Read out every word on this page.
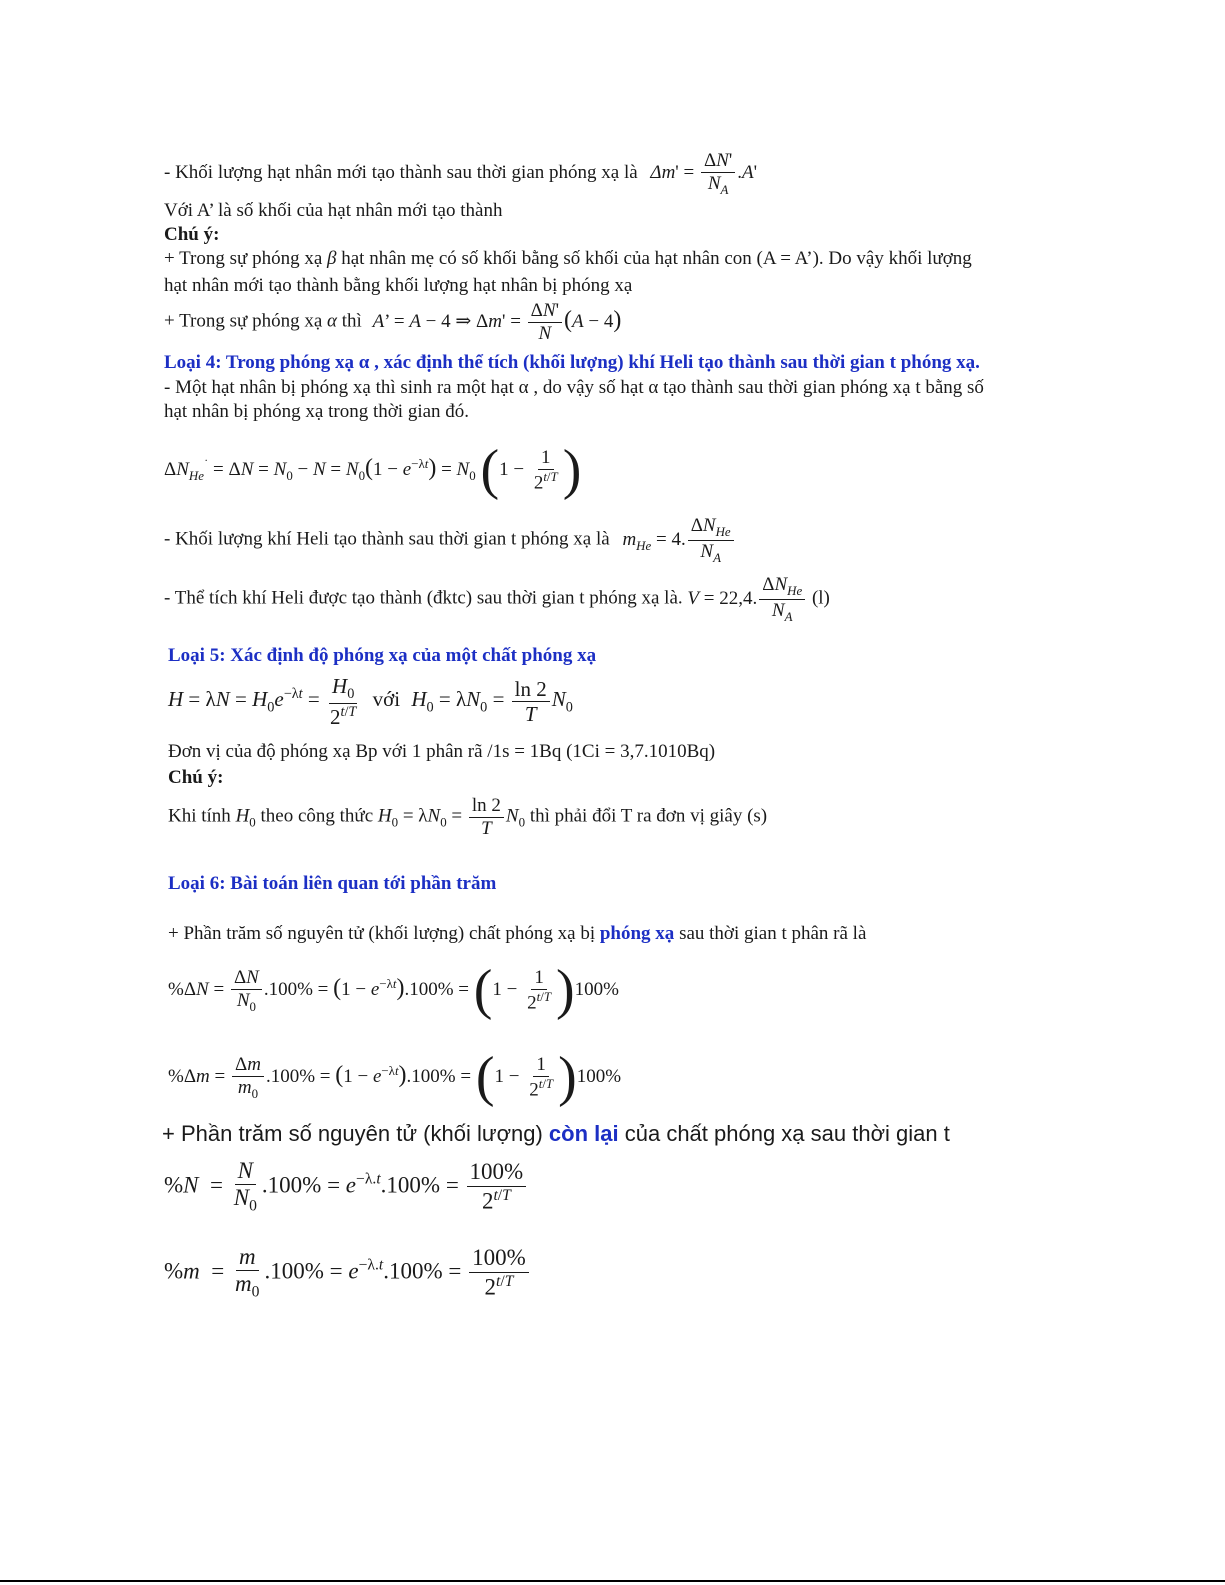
- Khối lượng hạt nhân mới tạo thành sau thời gian phóng xạ là $\Delta m' = \frac{\Delta N'}{N_A} .A'$
Với A’ là số khối của hạt nhân mới tạo thành
Chú ý:
+ Trong sự phóng xạ β hạt nhân mẹ có số khối bằng số khối của hạt nhân con (A = A’). Do vậy khối lượng
hạt nhân mới tạo thành bằng khối lượng hạt nhân bị phóng xạ
+ Trong sự phóng xạ α thì A’ = A − 4 ⇒ $\Delta m' = \frac{\Delta N'}{N} (A - 4)$
Loại 4: Trong phóng xạ α , xác định thể tích (khối lượng) khí Heli tạo thành sau thời gian t phóng xạ.
- Một hạt nhân bị phóng xạ thì sinh ra một hạt α , do vậy số hạt α tạo thành sau thời gian phóng xạ t bằng số
hạt nhân bị phóng xạ trong thời gian đó.
$\Delta N_{He}^˙ = \Delta N = N_0 - N = N_0(1 - e^{-\lambda t}) = N_0$ ($1 - \frac{1}{2^{t/T}}$ )
- Khối lượng khí Heli tạo thành sau thời gian t phóng xạ là $m_{He} = 4$. $\frac{\Delta N_{He}}{N_A}$
- Thể tích khí Heli được tạo thành (đktc) sau thời gian t phóng xạ là. V = 22,4. $\frac{\Delta N_{He}}{N_A} (l)$
Loại 5: Xác định độ phóng xạ của một chất phóng xạ
$H = \lambda N = H_0e^{-\lambda t} = \frac{H_0}{2^{t/T}}$ với $H_0 = \lambda N_0 = \frac{\ln 2}{T} N_0$
Đơn vị của độ phóng xạ Bp với 1 phân rã /1s = 1Bq (1Ci = 3,7.1010Bq)
Chú ý:
Khi tính $H_0$ theo công thức $H_0 = \lambda N_0 = \frac{\ln 2}{T} N_0$ thì phải đổi T ra đơn vị giây (s)
Loại 6: Bài toán liên quan tới phần trăm
+ Phần trăm số nguyên tử (khối lượng) chất phóng xạ bị phóng xạ sau thời gian t phân rã là
$\%\Delta N = \frac{\Delta N}{N_0} .100\% = (1 - e^{-\lambda t}).100\% = (1 - \frac{1}{2^{t/T}} )100\%$
$\%\Delta m = \frac{\Delta m}{m_0} .100\% = (1 - e^{-\lambda t}).100\% = (1 - \frac{1}{2^{t/T}} )100\%$
+ Phần trăm số nguyên tử (khối lượng) còn lại của chất phóng xạ sau thời gian t
$\%N = \frac{N}{N_0} .100\% = e^{-\lambda.t}.100\% = \frac{100\%}{2^{t/T}}$
$\%m = \frac{m}{m_0} .100\% = e^{-\lambda.t}.100\% = \frac{100\%}{2^{t/T}}$
